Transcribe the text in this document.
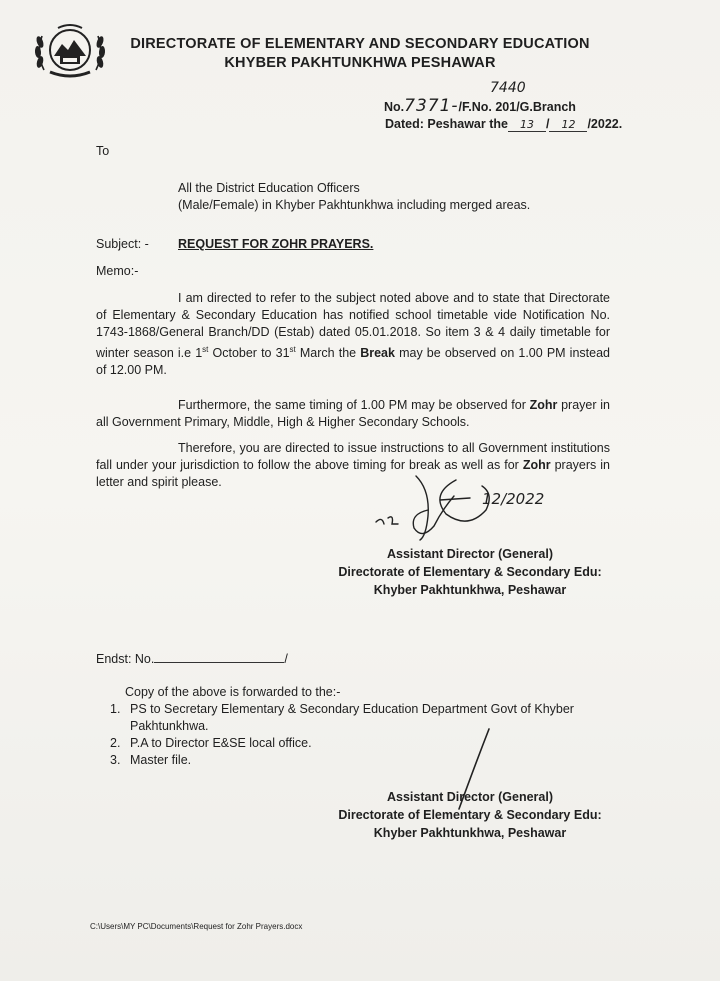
DIRECTORATE OF ELEMENTARY AND SECONDARY EDUCATION
KHYBER PAKHTUNKHWA PESHAWAR
No.7371-
7440
/F.No. 201/G.Branch
Dated: Peshawar the 13 / 12 /2022.
To
All the District Education Officers
(Male/Female) in Khyber Pakhtunkhwa including merged areas.
Subject: - REQUEST FOR ZOHR PRAYERS.
Memo:-
I am directed to refer to the subject noted above and to state that Directorate of Elementary & Secondary Education has notified school timetable vide Notification No. 1743-1868/General Branch/DD (Estab) dated 05.01.2018. So item 3 & 4 daily timetable for winter season i.e 1st October to 31st March the Break may be observed on 1.00 PM instead of 12.00 PM.
Furthermore, the same timing of 1.00 PM may be observed for Zohr prayer in all Government Primary, Middle, High & Higher Secondary Schools.
Therefore, you are directed to issue instructions to all Government institutions fall under your jurisdiction to follow the above timing for break as well as for Zohr prayers in letter and spirit please.
12/2022
Assistant Director (General)
Directorate of Elementary & Secondary Edu:
Khyber Pakhtunkhwa, Peshawar
Endst: No.	/
Copy of the above is forwarded to the:-
1. PS to Secretary Elementary & Secondary Education Department Govt of Khyber Pakhtunkhwa.
2. P.A to Director E&SE local office.
3. Master file.
Assistant Director (General)
Directorate of Elementary & Secondary Edu:
Khyber Pakhtunkhwa, Peshawar
C:\Users\MY PC\Documents\Request for Zohr Prayers.docx
